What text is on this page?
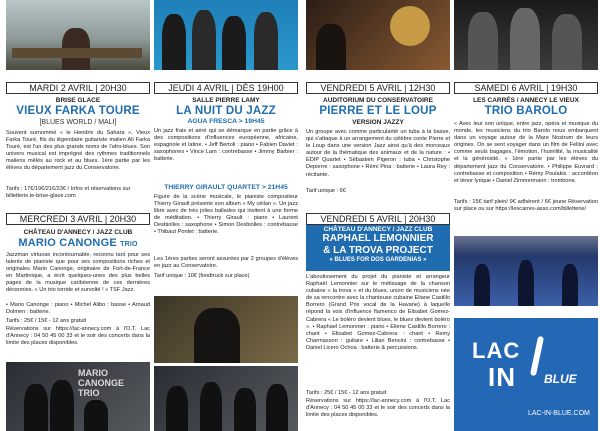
MARDI 2 AVRIL | 20H30
BRISE GLACE
VIEUX FARKA TOURE
[BLUES WORLD / MALI]

Souvent surnommé « le Hendrix du Sahara », Vieux Farka Touré, fils du légendaire guitariste malien Ali Farka Touré, est l'un des plus grands noms de l'afro-blues. Son univers musical est imprégné des rythmes traditionnels maliens mêlés au rock et au blues. 1ère partie par les élèves du département jazz du Conservatoire.

Tarifs : 17€/19€/21€/23€ / Infos et réservations sur billetterie.le-brise-glace.com
MERCREDI 3 AVRIL | 20H30
CHÂTEAU D'ANNECY / JAZZ CLUB
MARIO CANONGE TRIO

Jazzman virtuose incontournable, reconnu tant pour ses talents de pianiste que pour ses compositions riches et originales Mario Canonge, originaire de Fort-de-France en Martinique, a écrit quelques-unes des plus belles pages de la musique caribéenne de ces dernières décennies. « Un trio torride et survolté ! » TSF Jazz.

• Mario Canonge : piano • Michel Alibo : basse • Arnaud Dolmen : batterie.

Tarifs : 25€ / 15€ - 12 ans gratuit

Réservations sur https://lac-annecy.com à l'O.T. Lac d'Annecy : 04 50 45 00 33 et le soir des concerts dans la limite des places disponibles.

MARIO
CANONGE
TRIO
JEUDI 4 AVRIL | DÈS 19H00
SALLE PIERRE LAMY
LA NUIT DU JAZZ
AGUA FRESCA > 19H45

Un jazz frais et aéré qui se démarque en partie grâce à des compositions d'influences européenne, africaine, espagnole et latine. • Jeff Bertoli : piano • Fabien Daviet : saxophones • Vince Lam : contrebasse • Jimmy Barbier : batterie.

THIERRY GIRAULT QUARTET > 21H45

Figure de la scène musicale, le pianiste compositeur Thierry Girault présente son album « My céilan ». Un jazz libre avec de très jolies ballades qui invitent à une forme de méditation. • Thierry Girault : piano • Laurent Desbiolles : saxophone • Simon Desbiolles : contrebasse • Thibaut Pontet : batterie.

Les 1ères parties seront assurées par 2 groupes d'élèves en jazz au Conservatoire.

Tarif unique : 10€ (foodtruck sur place)
VENDREDI 5 AVRIL | 12H30
AUDITORIUM DU CONSERVATOIRE
PIERRE ET LE LOUP
VERSION JAZZY

Un groupe avec comme particularité un tuba à la basse, qui s'attaque à un arrangement du célèbre conte Pierre et le Loup dans une version Jazz ainsi qu'à des morceaux autour de la thématique des animaux et de la nature : • EDIP Quartet • Sébastien Pigeron : tuba • Christophe Depierre : saxophone • Rémi Pina : batterie • Laura Rey : récitante.

Tarif unique : 6€
VENDREDI 5 AVRIL | 20H30
CHÂTEAU D'ANNECY / JAZZ CLUB
RAPHAEL LEMONNIER
& LA TROVA PROJECT
« BLUES FOR DOS GARDENIAS »

L'aboutissement du projet du pianiste et arrangeur Raphaël Lemonnier sur le métissage de la chanson cubaine « la trova » et du blues, union de musiciens née de sa rencontre avec la chanteuse cubaine Eliane Castillo Borrero (Grand Prix vocal de la Havane) à laquelle répond la voix d'influence flamenco de Elisabet Gomez-Cabrera « Le boléro devient blues, le blues devient boléro ». • Raphael Lemonnier : piano • Eliene Castillo Borrero : chant • Elisabet Gomez-Cabrera : chant • Remy Charmasson : guitare • Lilian Bencini : contrebasse • Daniel Licero Ochoa : batterie & percussions.

Tarifs : 25€ / 15€ - 12 ans gratuit

Réservations sur https://lac-annecy.com à l'O.T. Lac d'Annecy : 04 50 45 00 33 et le soir des concerts dans la limite des places disponibles.

SAMEDI 6 AVRIL | 19H30
LES CARRÉS / ANNECY LE VIEUX
TRIO BAROLO

« Avec leur son unique, entre jazz, opéra et musique du monde, les musiciens du trio Barolo nous embarquent dans un voyage autour de la Mare Nostrum de leurs origines. On se sent voyager dans un film de Fellini avec comme seuls bagages, l'émotion, l'humilité, la musicalité et la générosité. » 1ère partie par les élèves du département jazz du Conservatoire. • Philippe Euvrard : contrebasse et composition • Rémy Poulakis : accordéon et ténor lyrique • Daniel Zimmermann : trombone.

Tarifs : 15€ tarif plein/ 9€ adhérent / 6€ jeune Réservation sur place ou sur https://lescarres-asso.com/billetterie/

LAC
IN BLUE
LAC-IN-BLUE.COM
